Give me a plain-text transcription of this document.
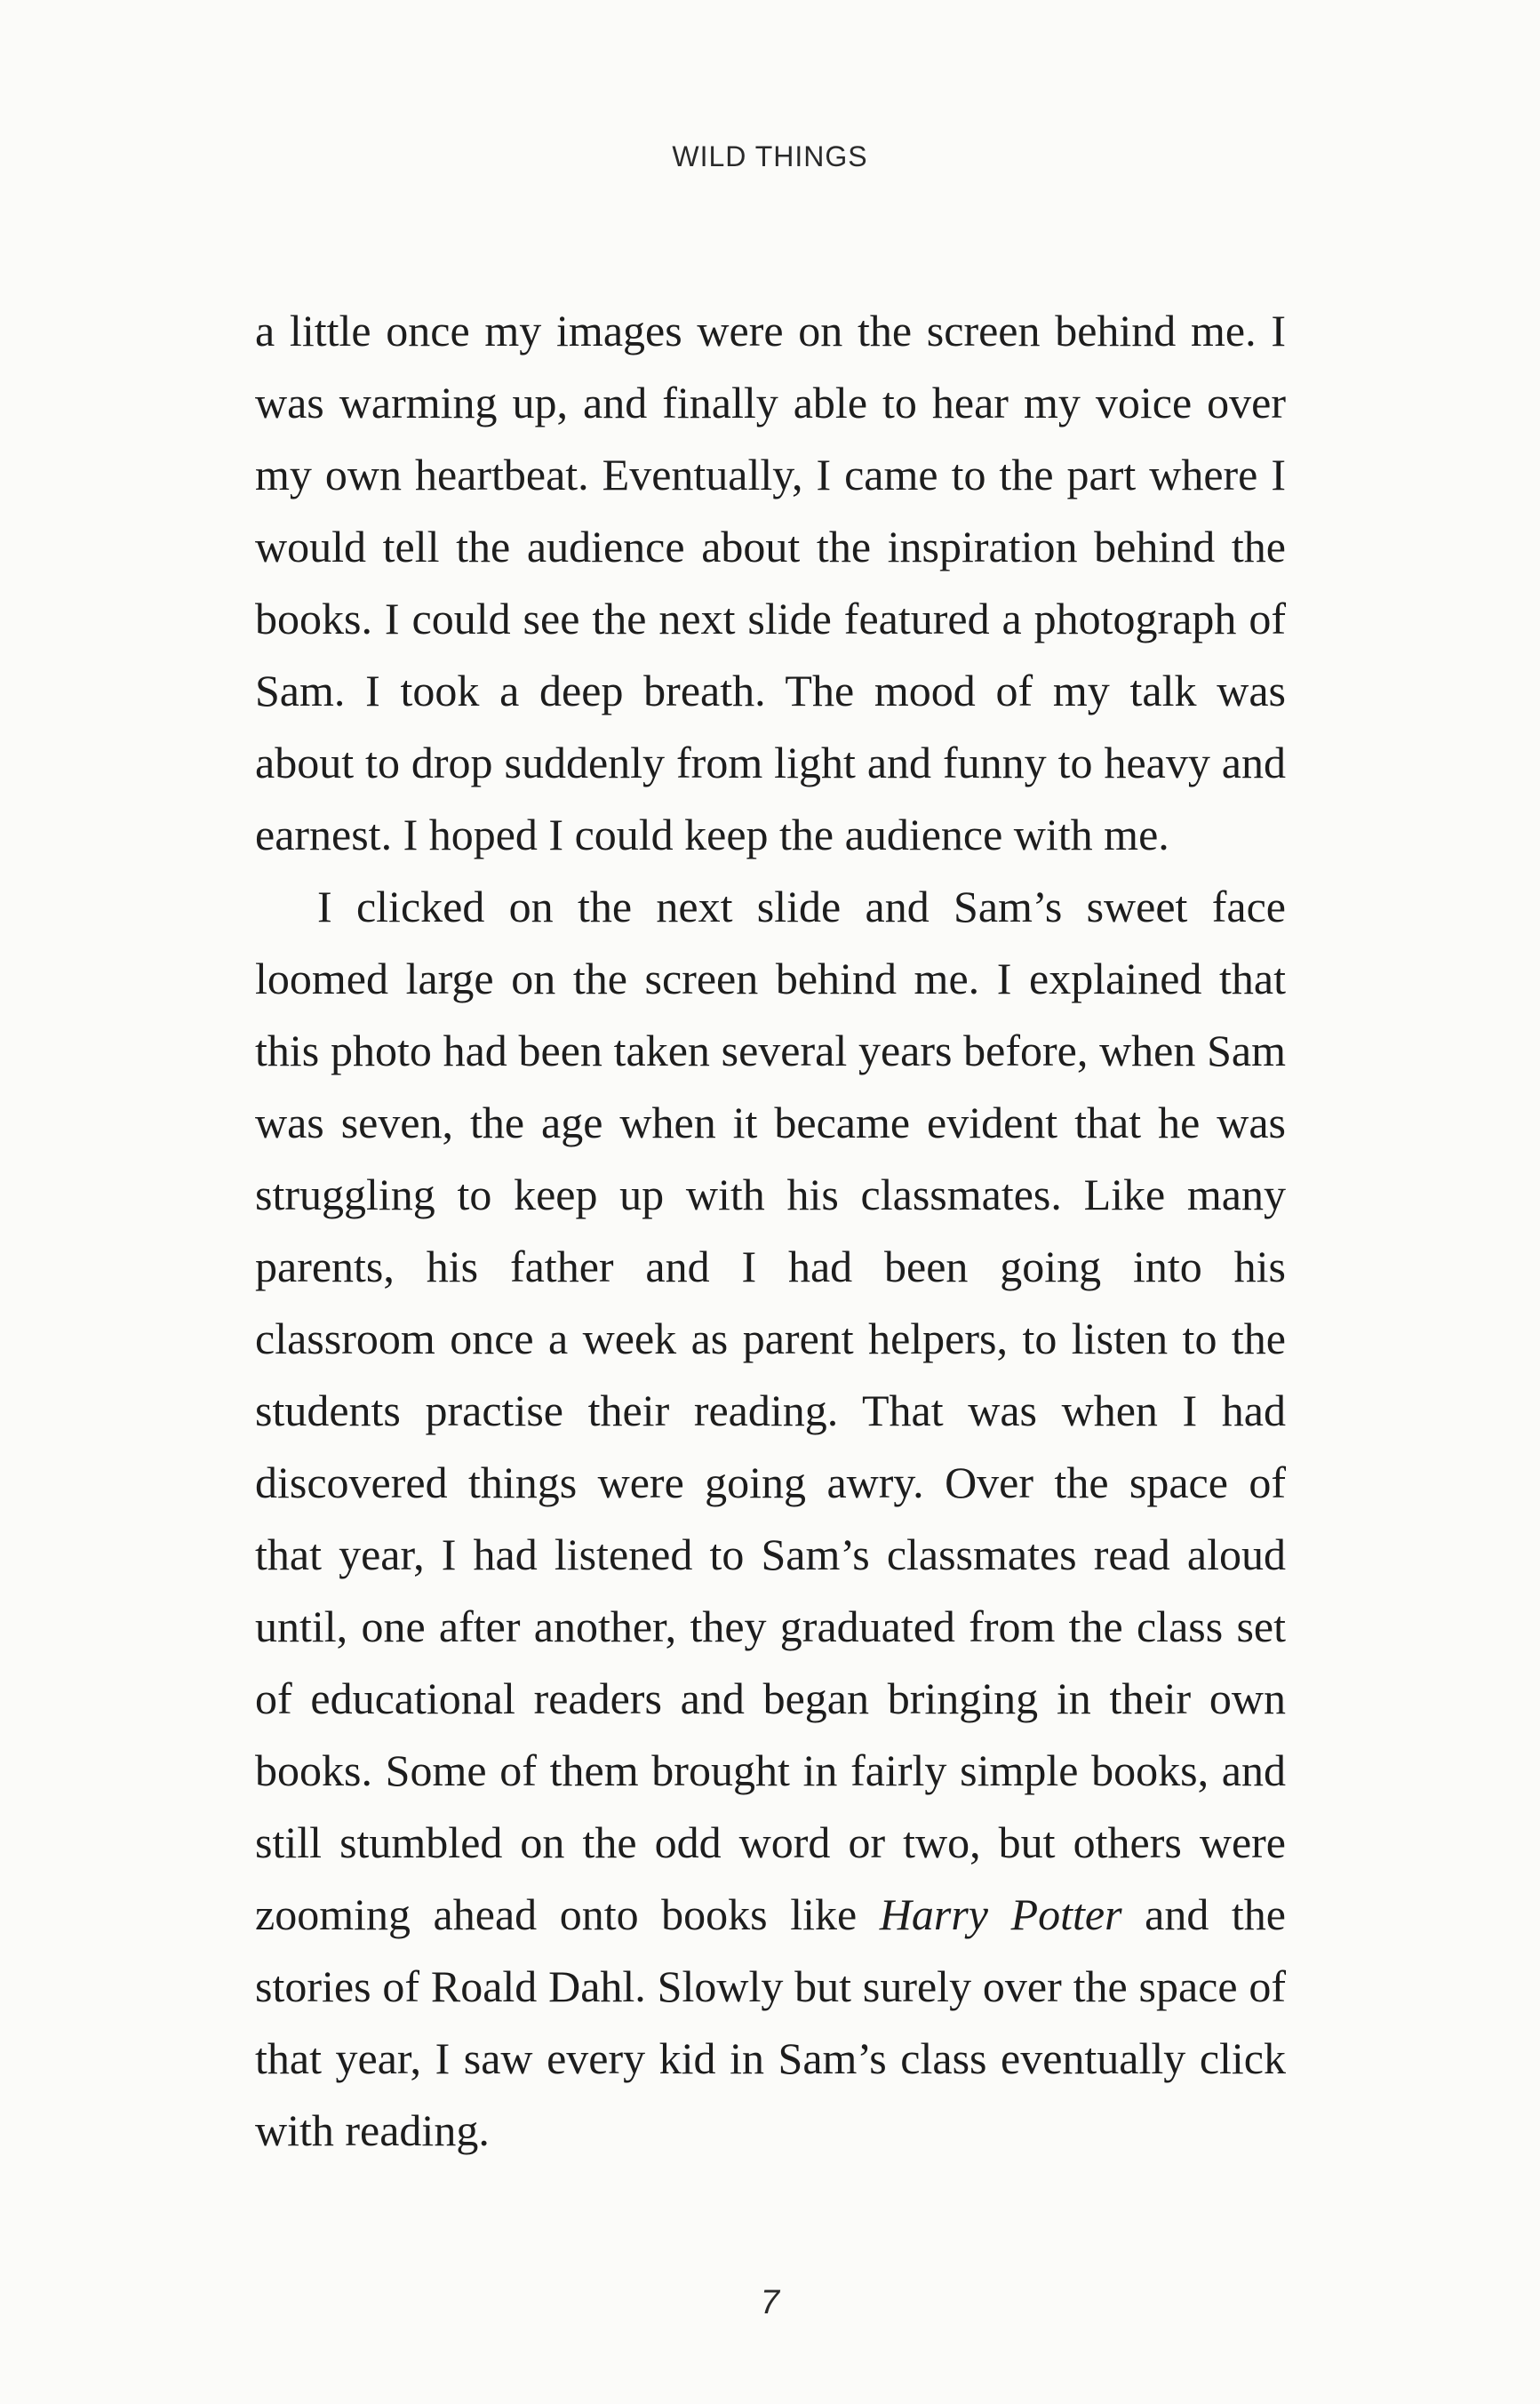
WILD THINGS

a little once my images were on the screen behind me. I was warming up, and finally able to hear my voice over my own heartbeat. Eventually, I came to the part where I would tell the audience about the inspiration behind the books. I could see the next slide featured a photograph of Sam. I took a deep breath. The mood of my talk was about to drop suddenly from light and funny to heavy and earnest. I hoped I could keep the audience with me.

I clicked on the next slide and Sam’s sweet face loomed large on the screen behind me. I explained that this photo had been taken several years before, when Sam was seven, the age when it became evident that he was struggling to keep up with his classmates. Like many parents, his father and I had been going into his classroom once a week as parent helpers, to listen to the students practise their reading. That was when I had discovered things were going awry. Over the space of that year, I had listened to Sam’s classmates read aloud until, one after another, they graduated from the class set of educational readers and began bringing in their own books. Some of them brought in fairly simple books, and still stumbled on the odd word or two, but others were zooming ahead onto books like Harry Potter and the stories of Roald Dahl. Slowly but surely over the space of that year, I saw every kid in Sam’s class eventually click with reading.

7
